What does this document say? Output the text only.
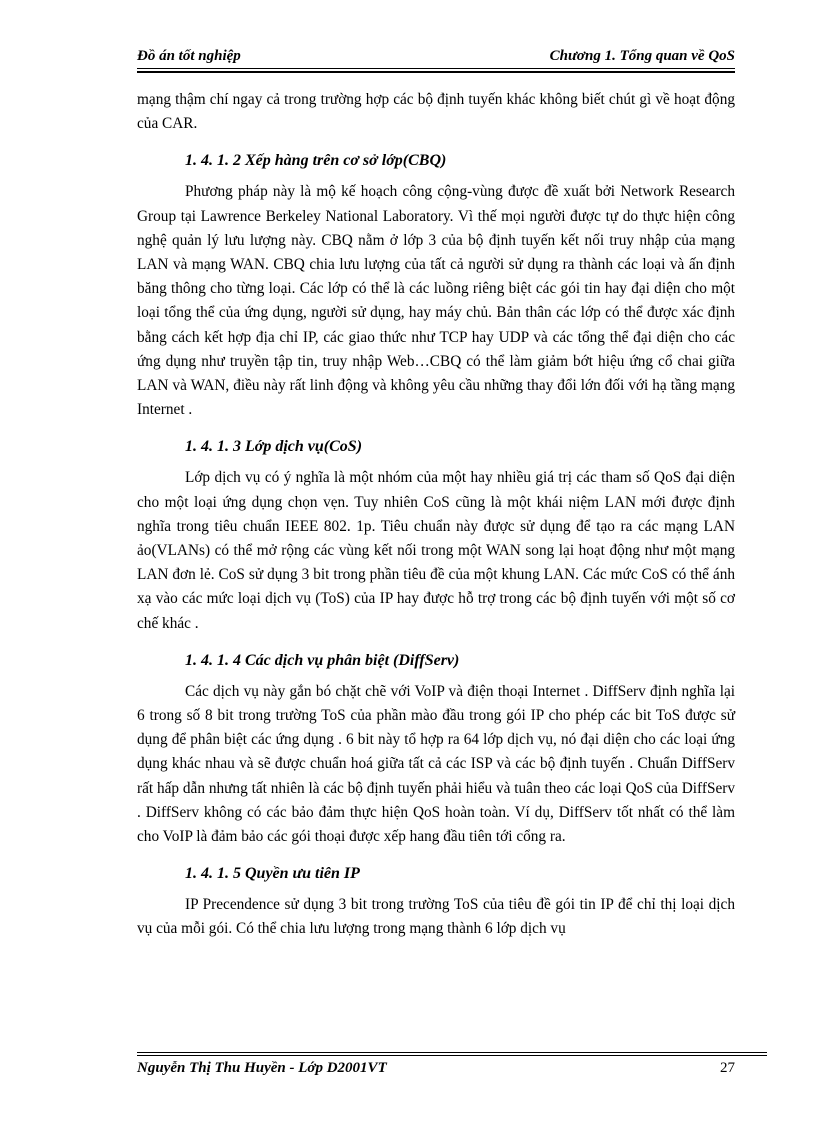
Đồ án tốt nghiệp	Chương 1. Tổng quan về QoS

mạng thậm chí ngay cả trong trường hợp các bộ định tuyến khác không biết chút gì về hoạt động của CAR.

1. 4. 1. 2 Xếp hàng trên cơ sở lớp(CBQ)

Phương pháp này là mộ kế hoạch công cộng-vùng được đề xuất bởi Network Research Group tại Lawrence Berkeley National Laboratory. Vì thế mọi người được tự do thực hiện công nghệ quản lý lưu lượng này. CBQ nằm ở lớp 3 của bộ định tuyến kết nối truy nhập của mạng LAN và mạng WAN. CBQ chia lưu lượng của tất cả người sử dụng ra thành các loại và ấn định băng thông cho từng loại. Các lớp có thể là các luồng riêng biệt các gói tin hay đại diện cho một loại tổng thể của ứng dụng, người sử dụng, hay máy chủ. Bản thân các lớp có thể được xác định bằng cách kết hợp địa chỉ IP, các giao thức như TCP hay UDP và các tổng thể đại diện cho các ứng dụng như truyền tập tin, truy nhập Web…CBQ có thể làm giảm bớt hiệu ứng cổ chai giữa LAN và WAN, điều này rất linh động và không yêu cầu những thay đổi lớn đối với hạ tầng mạng Internet .

1. 4. 1. 3 Lớp dịch vụ(CoS)

Lớp dịch vụ có ý nghĩa là một nhóm của một hay nhiều giá trị các tham số QoS đại diện cho một loại ứng dụng chọn vẹn. Tuy nhiên CoS cũng là một khái niệm LAN mới được định nghĩa trong tiêu chuẩn IEEE 802. 1p. Tiêu chuẩn này được sử dụng để tạo ra các mạng LAN ảo(VLANs) có thể mở rộng các vùng kết nối trong một WAN song lại hoạt động như một mạng LAN đơn lẻ. CoS sử dụng 3 bit trong phần tiêu đề của một khung LAN. Các mức CoS có thể ánh xạ vào các mức loại dịch vụ (ToS) của IP hay được hỗ trợ trong các bộ định tuyến với một số cơ chế khác .

1. 4. 1. 4 Các dịch vụ phân biệt (DiffServ)

Các dịch vụ này gắn bó chặt chẽ với VoIP và điện thoại Internet . DiffServ định nghĩa lại 6 trong số 8 bit trong trường ToS của phần mào đầu trong gói IP cho phép các bit ToS được sử dụng để phân biệt các ứng dụng . 6 bit này tổ hợp ra 64 lớp dịch vụ, nó đại diện cho các loại ứng dụng khác nhau và sẽ được chuẩn hoá giữa tất cả các ISP và các bộ định tuyến . Chuẩn DiffServ rất hấp dẫn nhưng tất nhiên là các bộ định tuyến phải hiểu và tuân theo các loại QoS của DiffServ . DiffServ không có các bảo đảm thực hiện QoS hoàn toàn. Ví dụ, DiffServ tốt nhất có thể làm cho VoIP là đảm bảo các gói thoại được xếp hang đầu tiên tới cổng ra.

1. 4. 1. 5 Quyền ưu tiên IP

IP Precendence sử dụng 3 bit trong trường ToS của tiêu đề gói tin IP để chỉ thị loại dịch vụ của mỗi gói. Có thể chia lưu lượng trong mạng thành 6 lớp dịch vụ

Nguyễn Thị Thu Huyền - Lớp D2001VT	27
